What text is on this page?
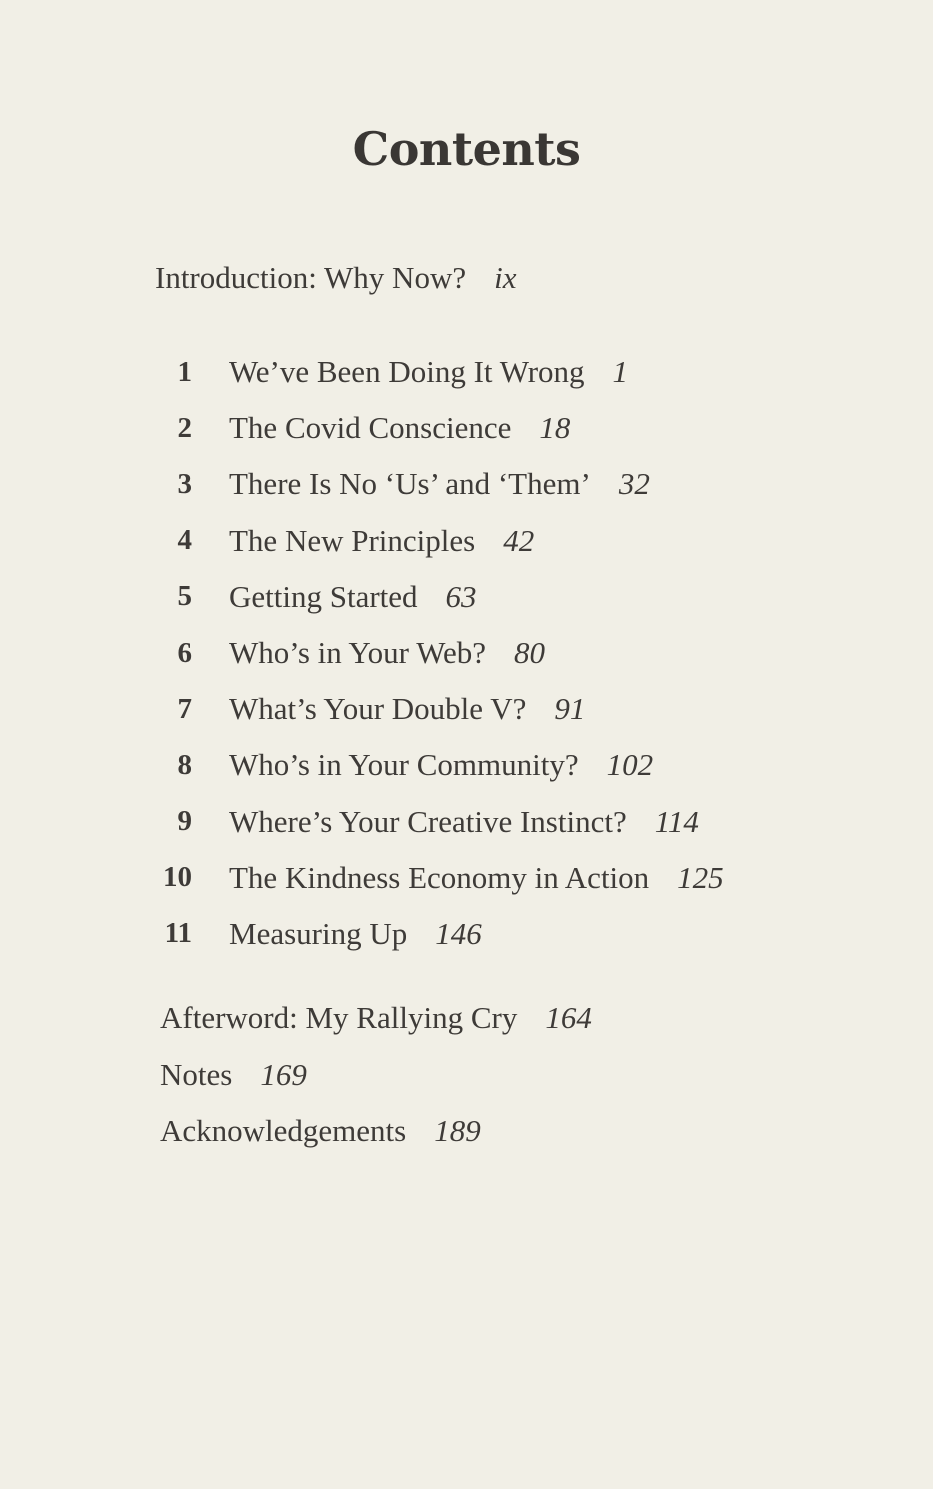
Contents
Introduction: Why Now? ix
1 We’ve Been Doing It Wrong 1
2 The Covid Conscience 18
3 There Is No ‘Us’ and ‘Them’ 32
4 The New Principles 42
5 Getting Started 63
6 Who’s in Your Web? 80
7 What’s Your Double V? 91
8 Who’s in Your Community? 102
9 Where’s Your Creative Instinct? 114
10 The Kindness Economy in Action 125
11 Measuring Up 146
Afterword: My Rallying Cry 164
Notes 169
Acknowledgements 189
